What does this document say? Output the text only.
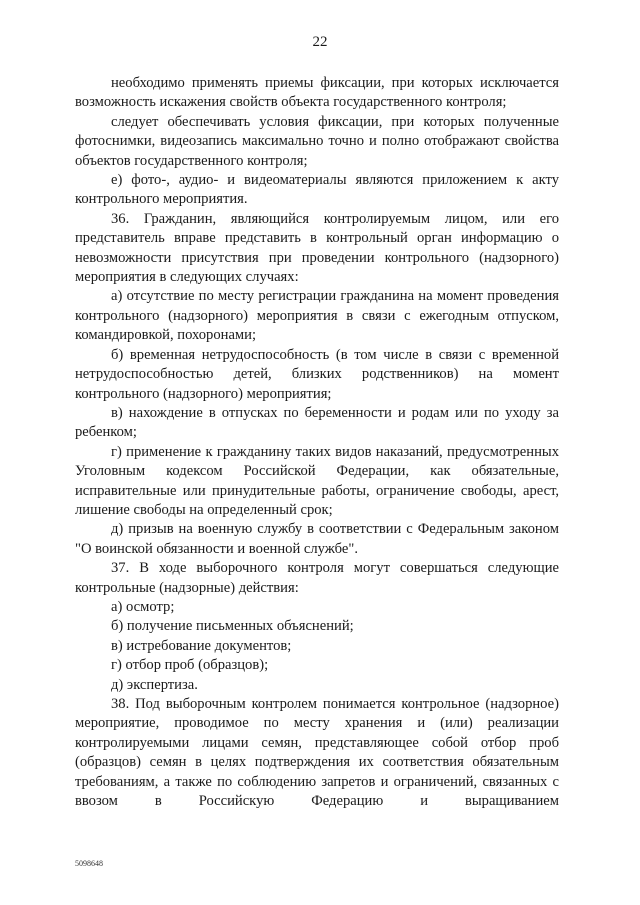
22

необходимо применять приемы фиксации, при которых исключается возможность искажения свойств объекта государственного контроля;

следует обеспечивать условия фиксации, при которых полученные фотоснимки, видеозапись максимально точно и полно отображают свойства объектов государственного контроля;

е) фото-, аудио- и видеоматериалы являются приложением к акту контрольного мероприятия.

36. Гражданин, являющийся контролируемым лицом, или его представитель вправе представить в контрольный орган информацию о невозможности присутствия при проведении контрольного (надзорного) мероприятия в следующих случаях:

а) отсутствие по месту регистрации гражданина на момент проведения контрольного (надзорного) мероприятия в связи с ежегодным отпуском, командировкой, похоронами;

б) временная нетрудоспособность (в том числе в связи с временной нетрудоспособностью детей, близких родственников) на момент контрольного (надзорного) мероприятия;

в) нахождение в отпусках по беременности и родам или по уходу за ребенком;

г) применение к гражданину таких видов наказаний, предусмотренных Уголовным кодексом Российской Федерации, как обязательные, исправительные или принудительные работы, ограничение свободы, арест, лишение свободы на определенный срок;

д) призыв на военную службу в соответствии с Федеральным законом "О воинской обязанности и военной службе".

37. В ходе выборочного контроля могут совершаться следующие контрольные (надзорные) действия:

а) осмотр;

б) получение письменных объяснений;

в) истребование документов;

г) отбор проб (образцов);

д) экспертиза.

38. Под выборочным контролем понимается контрольное (надзорное) мероприятие, проводимое по месту хранения и (или) реализации контролируемыми лицами семян, представляющее собой отбор проб (образцов) семян в целях подтверждения их соответствия обязательным требованиям, а также по соблюдению запретов и ограничений, связанных с ввозом в Российскую Федерацию и выращиванием

5098648
